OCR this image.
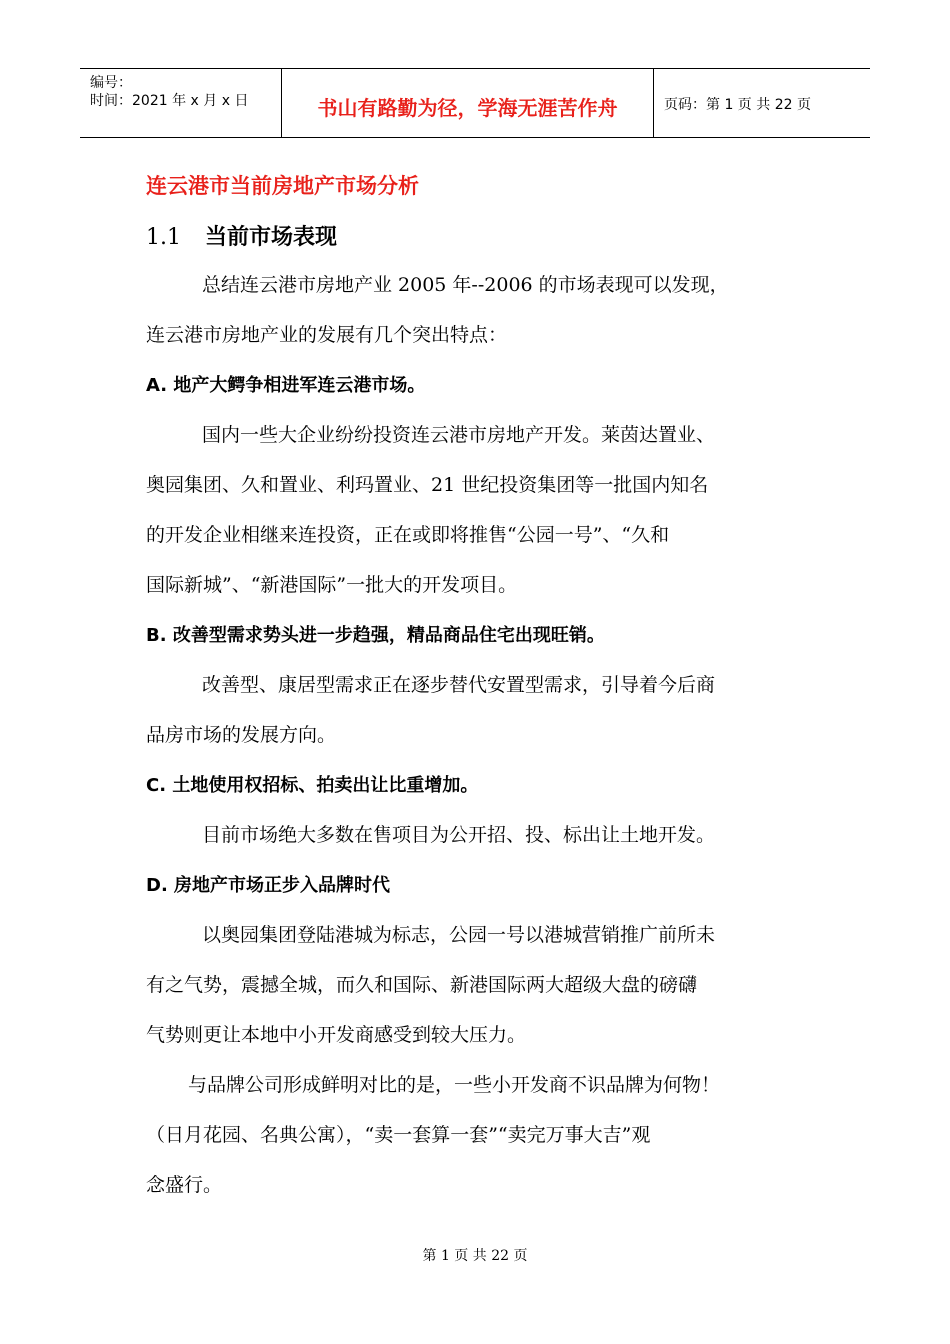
编号：
时间：2021 年 x 月 x 日	书山有路勤为径，学海无涯苦作舟	页码：第 1 页 共 22 页
连云港市当前房地产市场分析
1.1 当前市场表现
总结连云港市房地产业 2005 年--2006 的市场表现可以发现，
连云港市房地产业的发展有几个突出特点：
A. 地产大鳄争相进军连云港市场。
国内一些大企业纷纷投资连云港市房地产开发。莱茵达置业、
奥园集团、久和置业、利玛置业、21 世纪投资集团等一批国内知名
的开发企业相继来连投资，正在或即将推售“公园一号”、“久和
国际新城”、“新港国际”一批大的开发项目。
B. 改善型需求势头进一步趋强，精品商品住宅出现旺销。
改善型、康居型需求正在逐步替代安置型需求，引导着今后商
品房市场的发展方向。
C. 土地使用权招标、拍卖出让比重增加。
目前市场绝大多数在售项目为公开招、投、标出让土地开发。
D. 房地产市场正步入品牌时代
以奥园集团登陆港城为标志，公园一号以港城营销推广前所未
有之气势，震撼全城，而久和国际、新港国际两大超级大盘的磅礴
气势则更让本地中小开发商感受到较大压力。
与品牌公司形成鲜明对比的是，一些小开发商不识品牌为何物！
（日月花园、名典公寓），“卖一套算一套”“卖完万事大吉”观
念盛行。
第 1 页 共 22 页
